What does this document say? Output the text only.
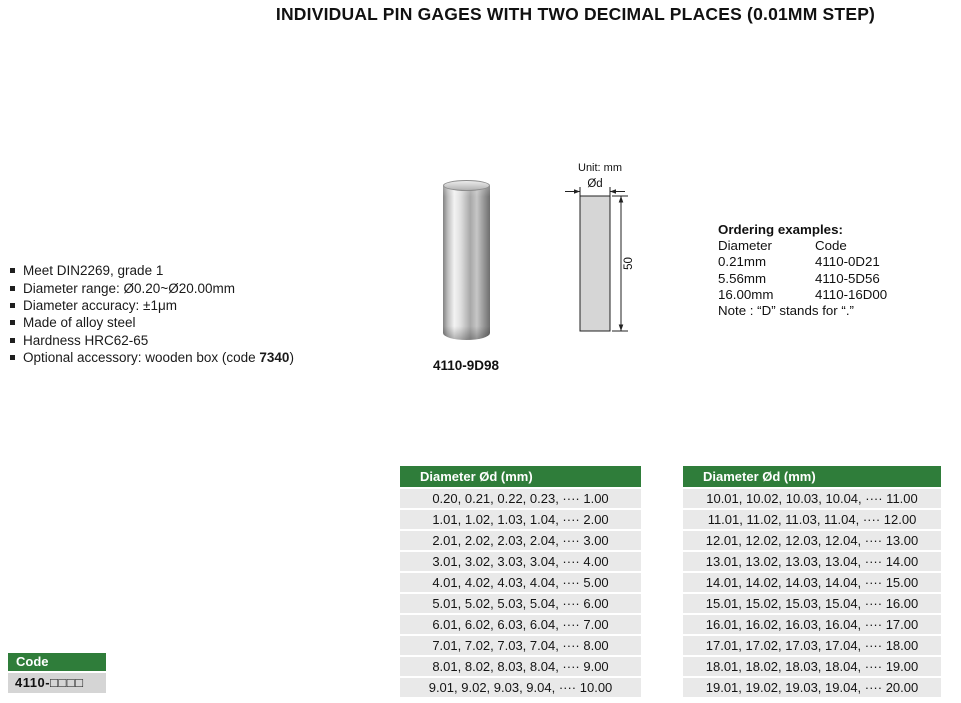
INDIVIDUAL PIN GAGES WITH TWO DECIMAL PLACES (0.01MM STEP)
Meet DIN2269, grade 1
Diameter range: Ø0.20~Ø20.00mm
Diameter accuracy: ±1μm
Made of alloy steel
Hardness HRC62-65
Optional accessory: wooden box (code 7340)
4110-9D98
Unit: mm
Ød
50
Ordering examples:
Diameter	Code
0.21mm	4110-0D21
5.56mm	4110-5D56
16.00mm	4110-16D00
Note : “D” stands for “.”
Code
4110-□□□□
Diameter Ød (mm)
0.20, 0.21, 0.22, 0.23, ···· 1.00
1.01, 1.02, 1.03, 1.04, ···· 2.00
2.01, 2.02, 2.03, 2.04, ···· 3.00
3.01, 3.02, 3.03, 3.04, ···· 4.00
4.01, 4.02, 4.03, 4.04, ···· 5.00
5.01, 5.02, 5.03, 5.04, ···· 6.00
6.01, 6.02, 6.03, 6.04, ···· 7.00
7.01, 7.02, 7.03, 7.04, ···· 8.00
8.01, 8.02, 8.03, 8.04, ···· 9.00
9.01, 9.02, 9.03, 9.04, ···· 10.00
Diameter Ød (mm)
10.01, 10.02, 10.03, 10.04, ···· 11.00
11.01, 11.02, 11.03, 11.04, ···· 12.00
12.01, 12.02, 12.03, 12.04, ···· 13.00
13.01, 13.02, 13.03, 13.04, ···· 14.00
14.01, 14.02, 14.03, 14.04, ···· 15.00
15.01, 15.02, 15.03, 15.04, ···· 16.00
16.01, 16.02, 16.03, 16.04, ···· 17.00
17.01, 17.02, 17.03, 17.04, ···· 18.00
18.01, 18.02, 18.03, 18.04, ···· 19.00
19.01, 19.02, 19.03, 19.04, ···· 20.00
